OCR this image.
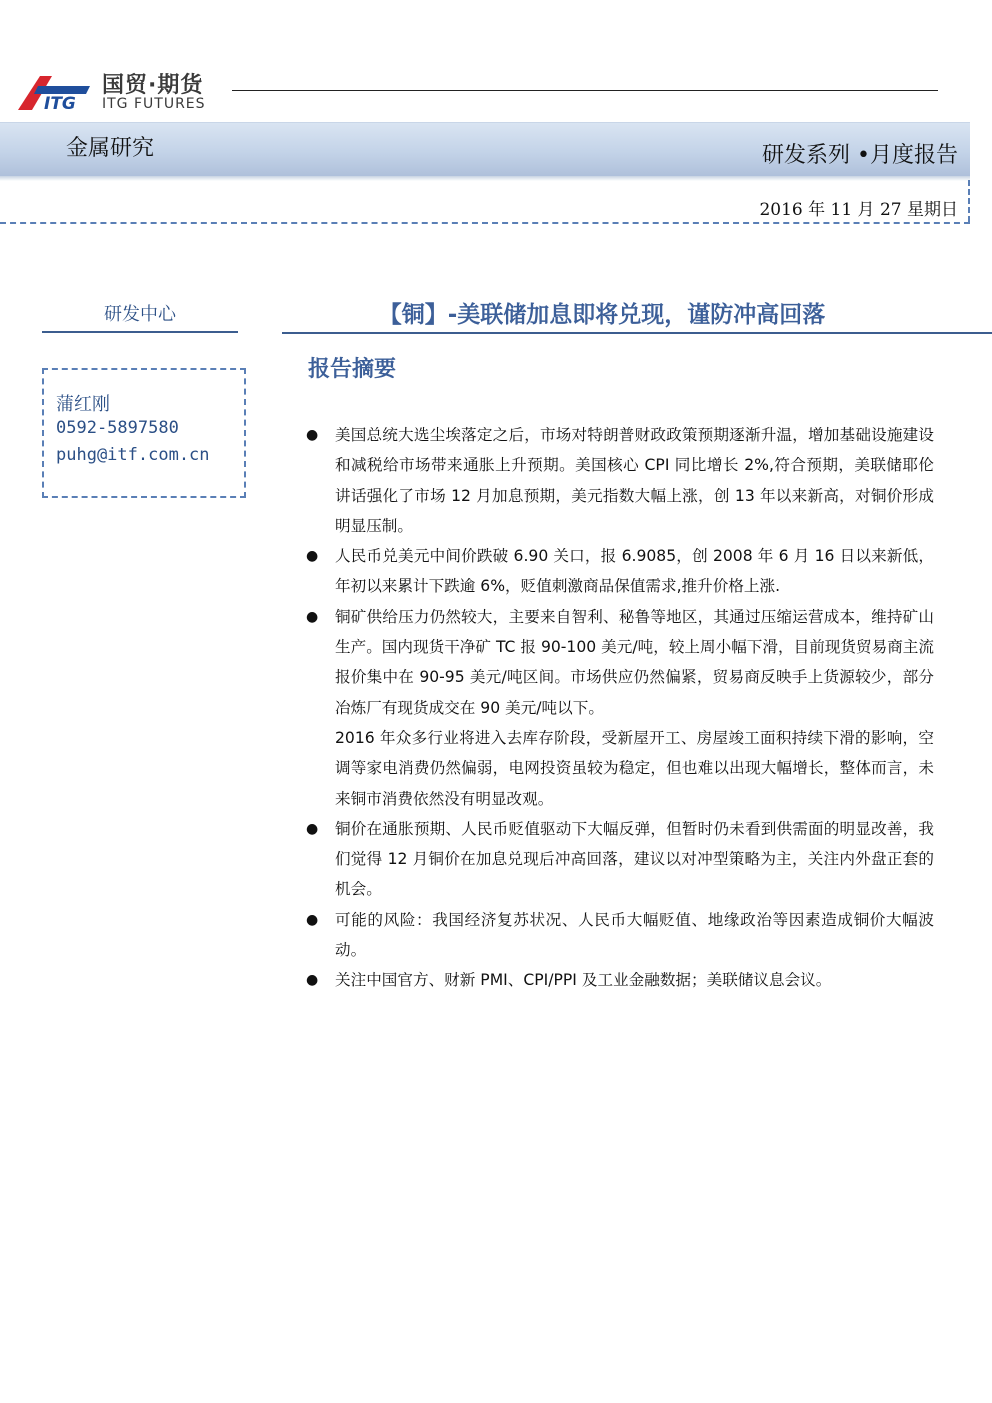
ITG
国贸·期货
ITG FUTURES
金属研究	研发系列 •月度报告
2016 年 11 月 27 星期日
研发中心
蒲红刚
0592-5897580
puhg@itf.com.cn
【铜】-美联储加息即将兑现，谨防冲高回落
报告摘要
● 美国总统大选尘埃落定之后，市场对特朗普财政政策预期逐渐升温，增加基础设施建设和减税给市场带来通胀上升预期。美国核心 CPI 同比增长 2%,符合预期，美联储耶伦讲话强化了市场 12 月加息预期，美元指数大幅上涨，创 13 年以来新高，对铜价形成明显压制。
● 人民币兑美元中间价跌破 6.90 关口，报 6.9085，创 2008 年 6 月 16 日以来新低，年初以来累计下跌逾 6%，贬值刺激商品保值需求,推升价格上涨.
● 铜矿供给压力仍然较大，主要来自智利、秘鲁等地区，其通过压缩运营成本，维持矿山生产。国内现货干净矿 TC 报 90-100 美元/吨，较上周小幅下滑，目前现货贸易商主流报价集中在 90-95 美元/吨区间。市场供应仍然偏紧，贸易商反映手上货源较少，部分冶炼厂有现货成交在 90 美元/吨以下。
2016 年众多行业将进入去库存阶段，受新屋开工、房屋竣工面积持续下滑的影响，空调等家电消费仍然偏弱，电网投资虽较为稳定，但也难以出现大幅增长，整体而言，未来铜市消费依然没有明显改观。
● 铜价在通胀预期、人民币贬值驱动下大幅反弹，但暂时仍未看到供需面的明显改善，我们觉得 12 月铜价在加息兑现后冲高回落，建议以对冲型策略为主，关注内外盘正套的机会。
● 可能的风险：我国经济复苏状况、人民币大幅贬值、地缘政治等因素造成铜价大幅波动。
● 关注中国官方、财新 PMI、CPI/PPI 及工业金融数据；美联储议息会议。
